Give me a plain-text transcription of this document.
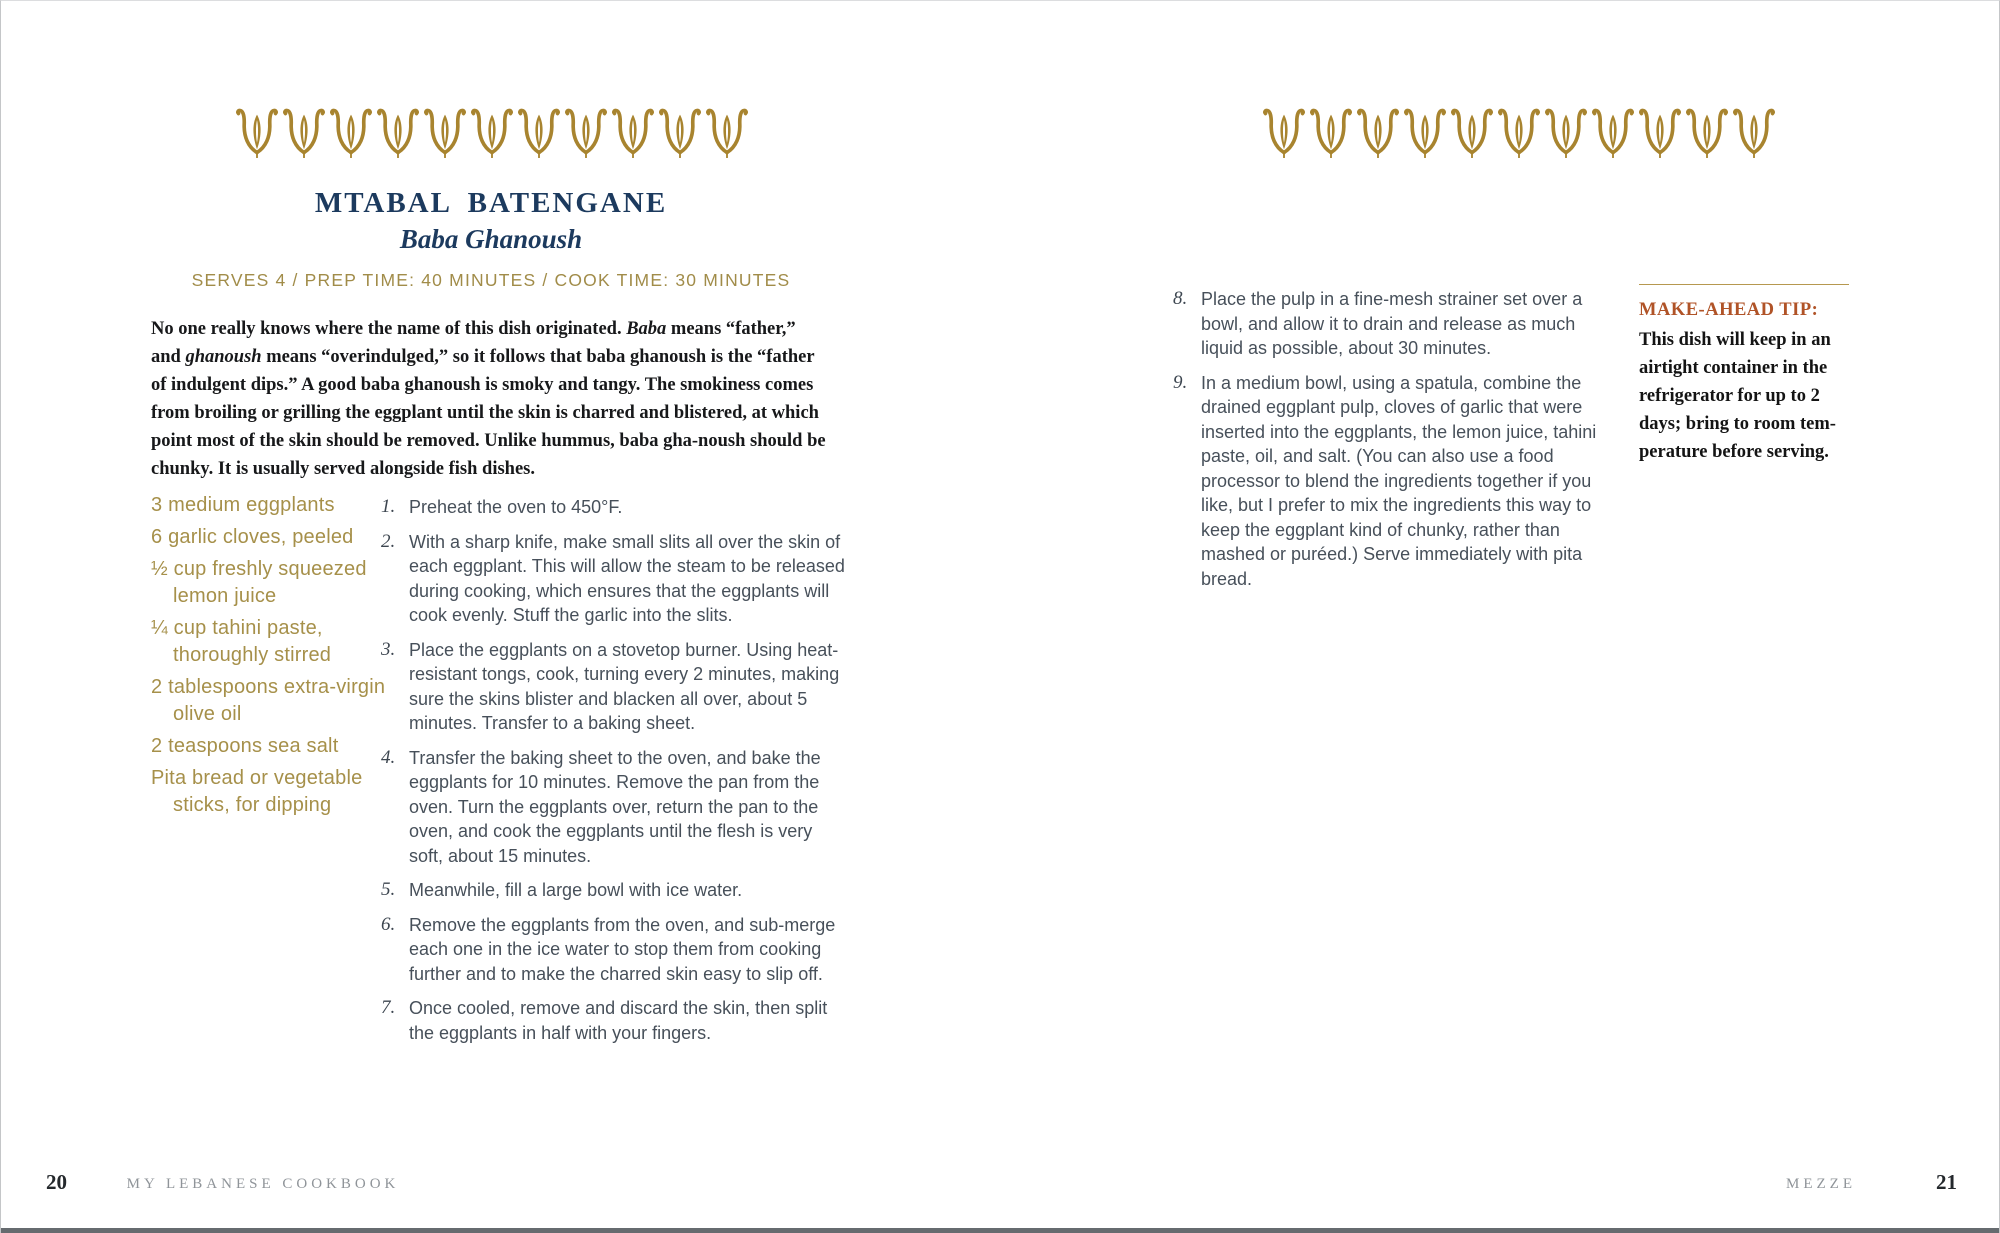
MTABAL BATENGANE
Baba Ghanoush
SERVES 4 / PREP TIME: 40 MINUTES / COOK TIME: 30 MINUTES
No one really knows where the name of this dish originated. Baba means “father,” and ghanoush means “overindulged,” so it follows that baba ghanoush is the “father of indulgent dips.” A good baba ghanoush is smoky and tangy. The smokiness comes from broiling or grilling the eggplant until the skin is charred and blistered, at which point most of the skin should be removed. Unlike hummus, baba gha-noush should be chunky. It is usually served alongside fish dishes.

3 medium eggplants

6 garlic cloves, peeled

½ cup freshly squeezed lemon juice

¼ cup tahini paste, thoroughly stirred

2 tablespoons extra-virgin olive oil

2 teaspoons sea salt

Pita bread or vegetable sticks, for dipping

1. Preheat the oven to 450°F.
2. With a sharp knife, make small slits all over the skin of each eggplant. This will allow the steam to be released during cooking, which ensures that the eggplants will cook evenly. Stuff the garlic into the slits.
3. Place the eggplants on a stovetop burner. Using heat-resistant tongs, cook, turning every 2 minutes, making sure the skins blister and blacken all over, about 5 minutes. Transfer to a baking sheet.
4. Transfer the baking sheet to the oven, and bake the eggplants for 10 minutes. Remove the pan from the oven. Turn the eggplants over, return the pan to the oven, and cook the eggplants until the flesh is very soft, about 15 minutes.
5. Meanwhile, fill a large bowl with ice water.
6. Remove the eggplants from the oven, and sub-merge each one in the ice water to stop them from cooking further and to make the charred skin easy to slip off.
7. Once cooled, remove and discard the skin, then split the eggplants in half with your fingers.
20	MY LEBANESE COOKBOOK
8. Place the pulp in a fine-mesh strainer set over a bowl, and allow it to drain and release as much liquid as possible, about 30 minutes.
9. In a medium bowl, using a spatula, combine the drained eggplant pulp, cloves of garlic that were inserted into the eggplants, the lemon juice, tahini paste, oil, and salt. (You can also use a food processor to blend the ingredients together if you like, but I prefer to mix the ingredients this way to keep the eggplant kind of chunky, rather than mashed or puréed.) Serve immediately with pita bread.
MAKE-AHEAD TIP:
This dish will keep in an airtight container in the refrigerator for up to 2 days; bring to room tem-perature before serving.
MEZZE	21
